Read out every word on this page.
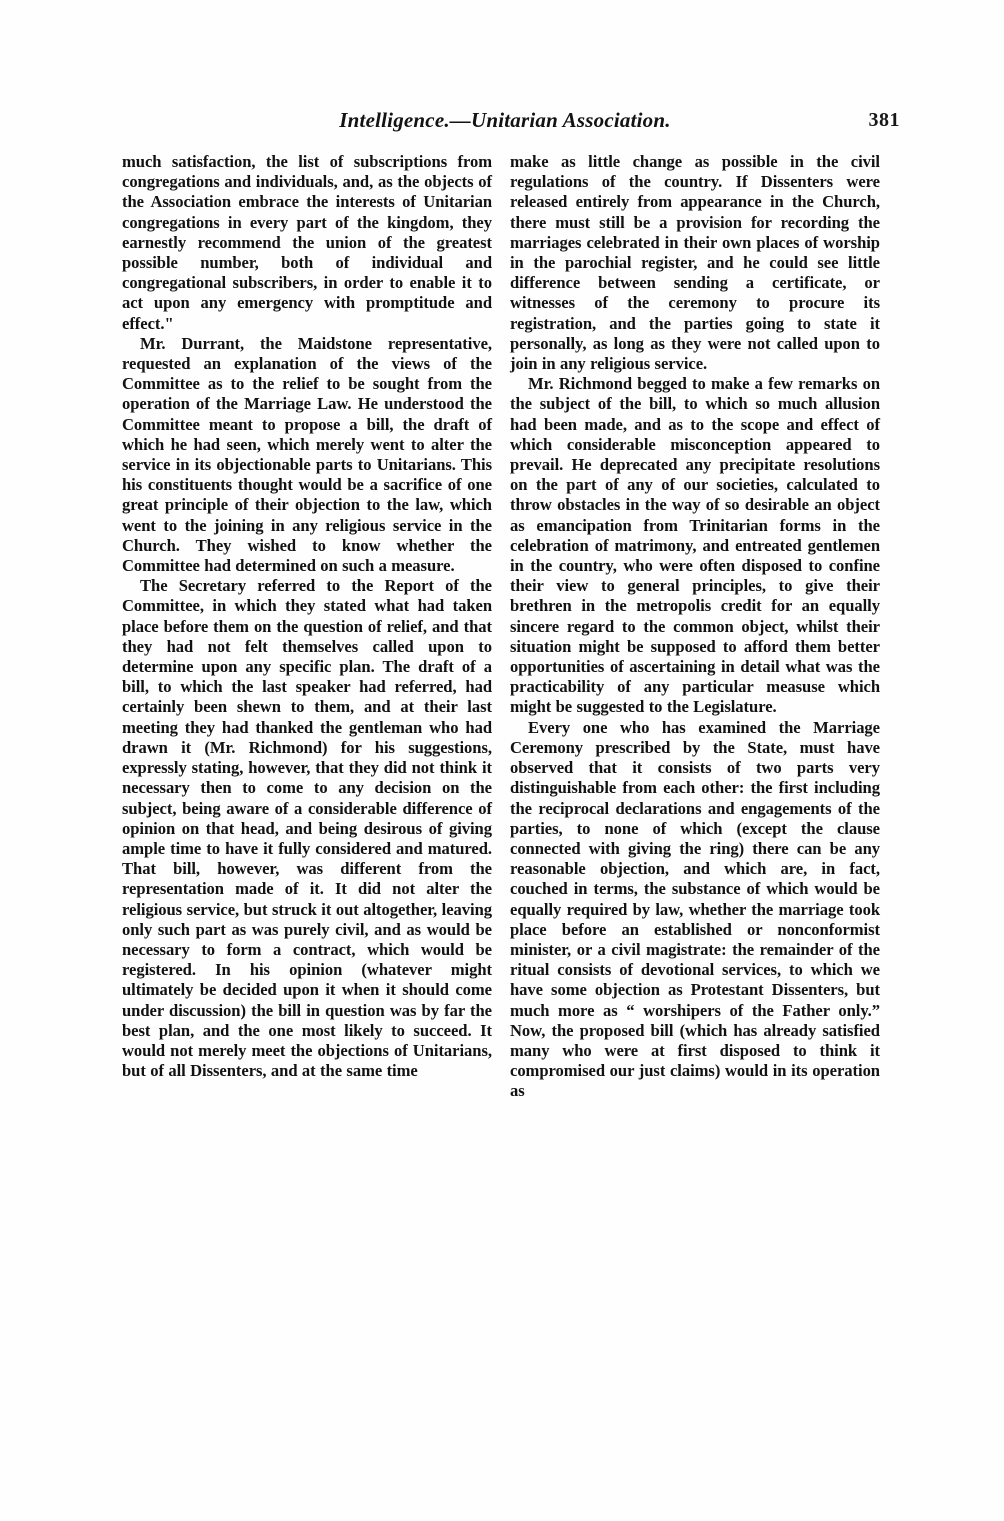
Intelligence.—Unitarian Association.	381

much satisfaction, the list of subscriptions from congregations and individuals, and, as the objects of the Association embrace the interests of Unitarian congregations in every part of the kingdom, they earnestly recommend the union of the greatest possible number, both of individual and congregational subscribers, in order to enable it to act upon any emergency with promptitude and effect."

Mr. Durrant, the Maidstone representative, requested an explanation of the views of the Committee as to the relief to be sought from the operation of the Marriage Law. He understood the Committee meant to propose a bill, the draft of which he had seen, which merely went to alter the service in its objectionable parts to Unitarians. This his constituents thought would be a sacrifice of one great principle of their objection to the law, which went to the joining in any religious service in the Church. They wished to know whether the Committee had determined on such a measure.

The Secretary referred to the Report of the Committee, in which they stated what had taken place before them on the question of relief, and that they had not felt themselves called upon to determine upon any specific plan. The draft of a bill, to which the last speaker had referred, had certainly been shewn to them, and at their last meeting they had thanked the gentleman who had drawn it (Mr. Richmond) for his suggestions, expressly stating, however, that they did not think it necessary then to come to any decision on the subject, being aware of a considerable difference of opinion on that head, and being desirous of giving ample time to have it fully considered and matured. That bill, however, was different from the representation made of it. It did not alter the religious service, but struck it out altogether, leaving only such part as was purely civil, and as would be necessary to form a contract, which would be registered. In his opinion (whatever might ultimately be decided upon it when it should come under discussion) the bill in question was by far the best plan, and the one most likely to succeed. It would not merely meet the objections of Unitarians, but of all Dissenters, and at the same time

make as little change as possible in the civil regulations of the country. If Dissenters were released entirely from appearance in the Church, there must still be a provision for recording the marriages celebrated in their own places of worship in the parochial register, and he could see little difference between sending a certificate, or witnesses of the ceremony to procure its registration, and the parties going to state it personally, as long as they were not called upon to join in any religious service.

Mr. Richmond begged to make a few remarks on the subject of the bill, to which so much allusion had been made, and as to the scope and effect of which considerable misconception appeared to prevail. He deprecated any precipitate resolutions on the part of any of our societies, calculated to throw obstacles in the way of so desirable an object as emancipation from Trinitarian forms in the celebration of matrimony, and entreated gentlemen in the country, who were often disposed to confine their view to general principles, to give their brethren in the metropolis credit for an equally sincere regard to the common object, whilst their situation might be supposed to afford them better opportunities of ascertaining in detail what was the practicability of any particular measuse which might be suggested to the Legislature.

Every one who has examined the Marriage Ceremony prescribed by the State, must have observed that it consists of two parts very distinguishable from each other: the first including the reciprocal declarations and engagements of the parties, to none of which (except the clause connected with giving the ring) there can be any reasonable objection, and which are, in fact, couched in terms, the substance of which would be equally required by law, whether the marriage took place before an established or nonconformist minister, or a civil magistrate: the remainder of the ritual consists of devotional services, to which we have some objection as Protestant Dissenters, but much more as “ worshipers of the Father only.” Now, the proposed bill (which has already satisfied many who were at first disposed to think it compromised our just claims) would in its operation as
